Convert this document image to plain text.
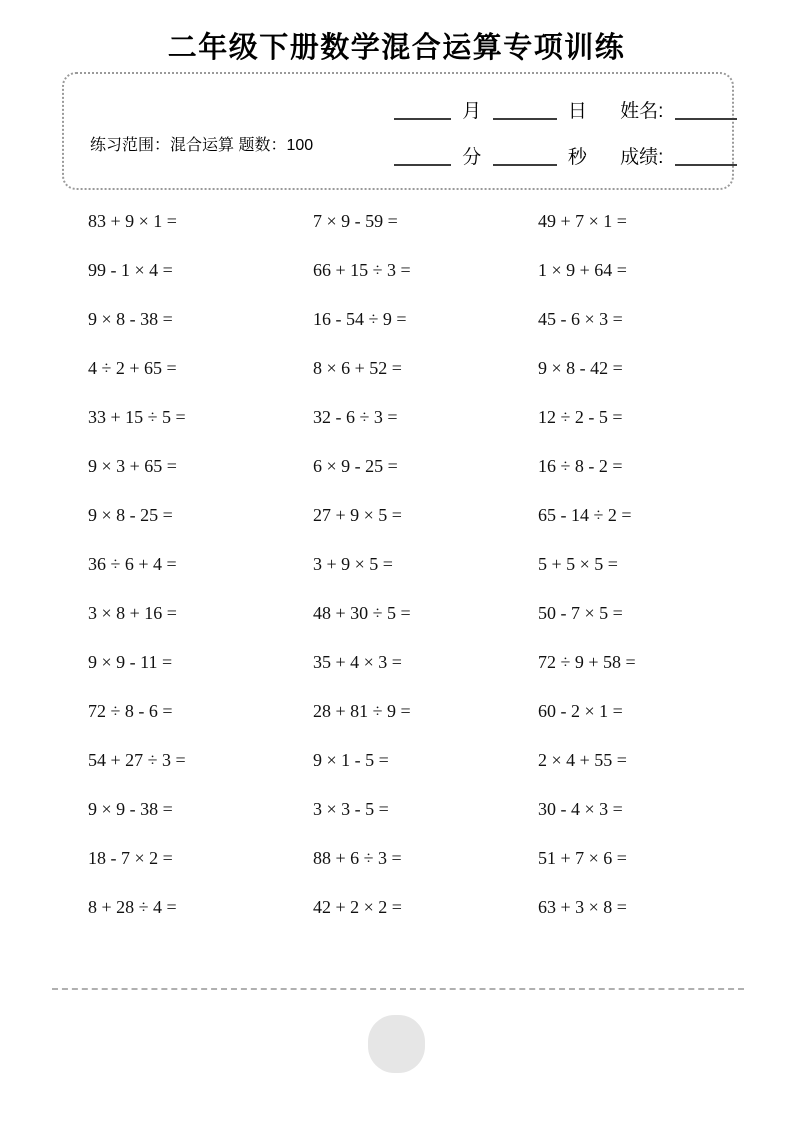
二年级下册数学混合运算专项训练
练习范围：混合运算 题数：100
月	日 姓名:
分	秒 成绩:
83 + 9 × 1 =	7 × 9 - 59 =	49 + 7 × 1 =
99 - 1 × 4 =	66 + 15 ÷ 3 =	1 × 9 + 64 =
9 × 8 - 38 =	16 - 54 ÷ 9 =	45 - 6 × 3 =
4 ÷ 2 + 65 =	8 × 6 + 52 =	9 × 8 - 42 =
33 + 15 ÷ 5 =	32 - 6 ÷ 3 =	12 ÷ 2 - 5 =
9 × 3 + 65 =	6 × 9 - 25 =	16 ÷ 8 - 2 =
9 × 8 - 25 =	27 + 9 × 5 =	65 - 14 ÷ 2 =
36 ÷ 6 + 4 =	3 + 9 × 5 =	5 + 5 × 5 =
3 × 8 + 16 =	48 + 30 ÷ 5 =	50 - 7 × 5 =
9 × 9 - 11 =	35 + 4 × 3 =	72 ÷ 9 + 58 =
72 ÷ 8 - 6 =	28 + 81 ÷ 9 =	60 - 2 × 1 =
54 + 27 ÷ 3 =	9 × 1 - 5 =	2 × 4 + 55 =
9 × 9 - 38 =	3 × 3 - 5 =	30 - 4 × 3 =
18 - 7 × 2 =	88 + 6 ÷ 3 =	51 + 7 × 6 =
8 + 28 ÷ 4 =	42 + 2 × 2 =	63 + 3 × 8 =
